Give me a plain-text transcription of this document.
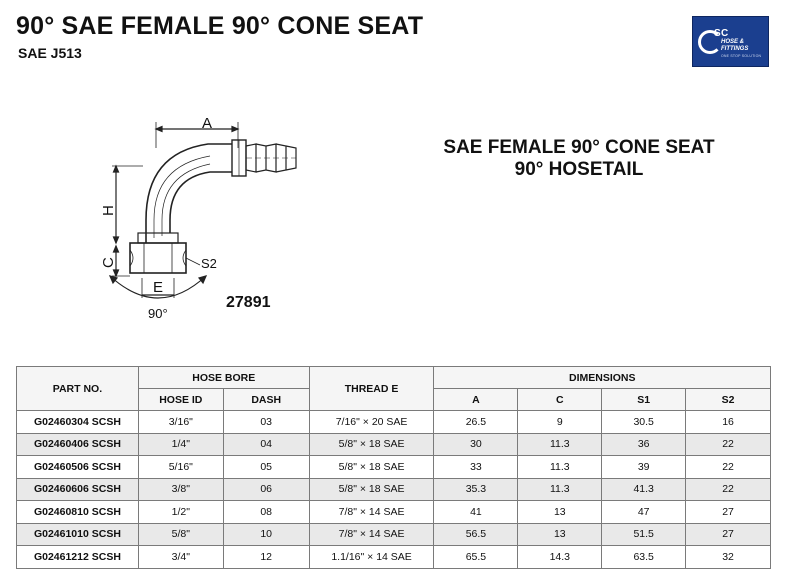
90° SAE FEMALE 90° CONE SEAT
SAE J513
SC
HOSE &
FITTINGS
ONE STOP SOLUTION
A
H
C
E
S2
90°
27891
SAE FEMALE 90° CONE SEAT
90° HOSETAIL
PART NO.	HOSE BORE		THREAD E	DIMENSIONS			
	HOSE ID	DASH		A	C	S1	S2
G02460304 SCSH	3/16"	03	7/16" × 20 SAE	26.5	9	30.5	16
G02460406 SCSH	1/4"	04	5/8" × 18 SAE	30	11.3	36	22
G02460506 SCSH	5/16"	05	5/8" × 18 SAE	33	11.3	39	22
G02460606 SCSH	3/8"	06	5/8" × 18 SAE	35.3	11.3	41.3	22
G02460810 SCSH	1/2"	08	7/8" × 14 SAE	41	13	47	27
G02461010 SCSH	5/8"	10	7/8" × 14 SAE	56.5	13	51.5	27
G02461212 SCSH	3/4"	12	1.1/16" × 14 SAE	65.5	14.3	63.5	32
